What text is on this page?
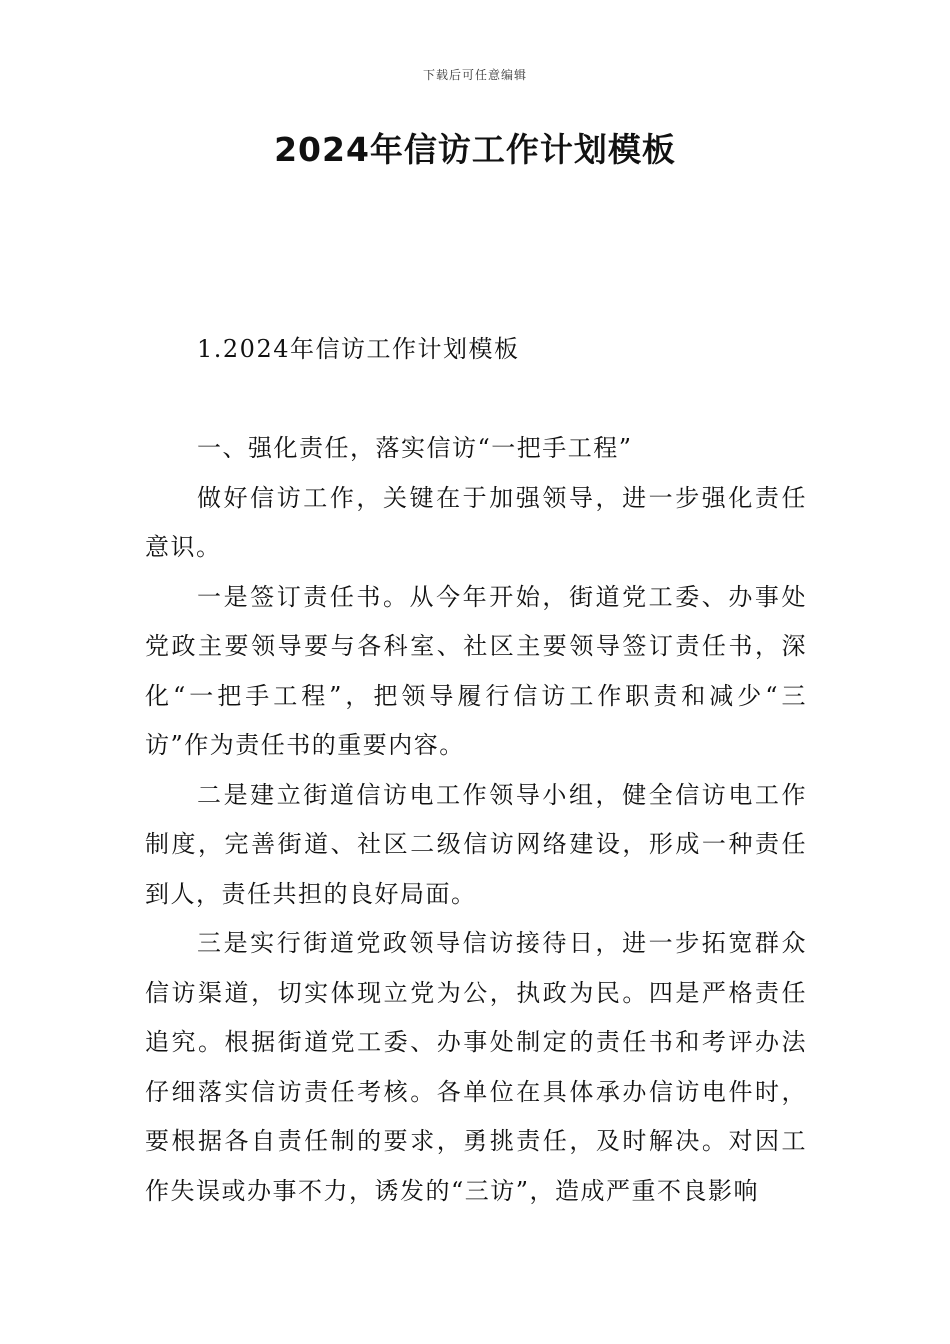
下载后可任意编辑
2024年信访工作计划模板
1.2024年信访工作计划模板

一、强化责任，落实信访“一把手工程”

做好信访工作，关键在于加强领导，进一步强化责任意识。

一是签订责任书。从今年开始，街道党工委、办事处党政主要领导要与各科室、社区主要领导签订责任书，深化“一把手工程”，把领导履行信访工作职责和减少“三访”作为责任书的重要内容。

二是建立街道信访电工作领导小组，健全信访电工作制度，完善街道、社区二级信访网络建设，形成一种责任到人，责任共担的良好局面。

三是实行街道党政领导信访接待日，进一步拓宽群众信访渠道，切实体现立党为公，执政为民。四是严格责任追究。根据街道党工委、办事处制定的责任书和考评办法仔细落实信访责任考核。各单位在具体承办信访电件时，要根据各自责任制的要求，勇挑责任，及时解决。对因工作失误或办事不力，诱发的“三访”，造成严重不良影响
